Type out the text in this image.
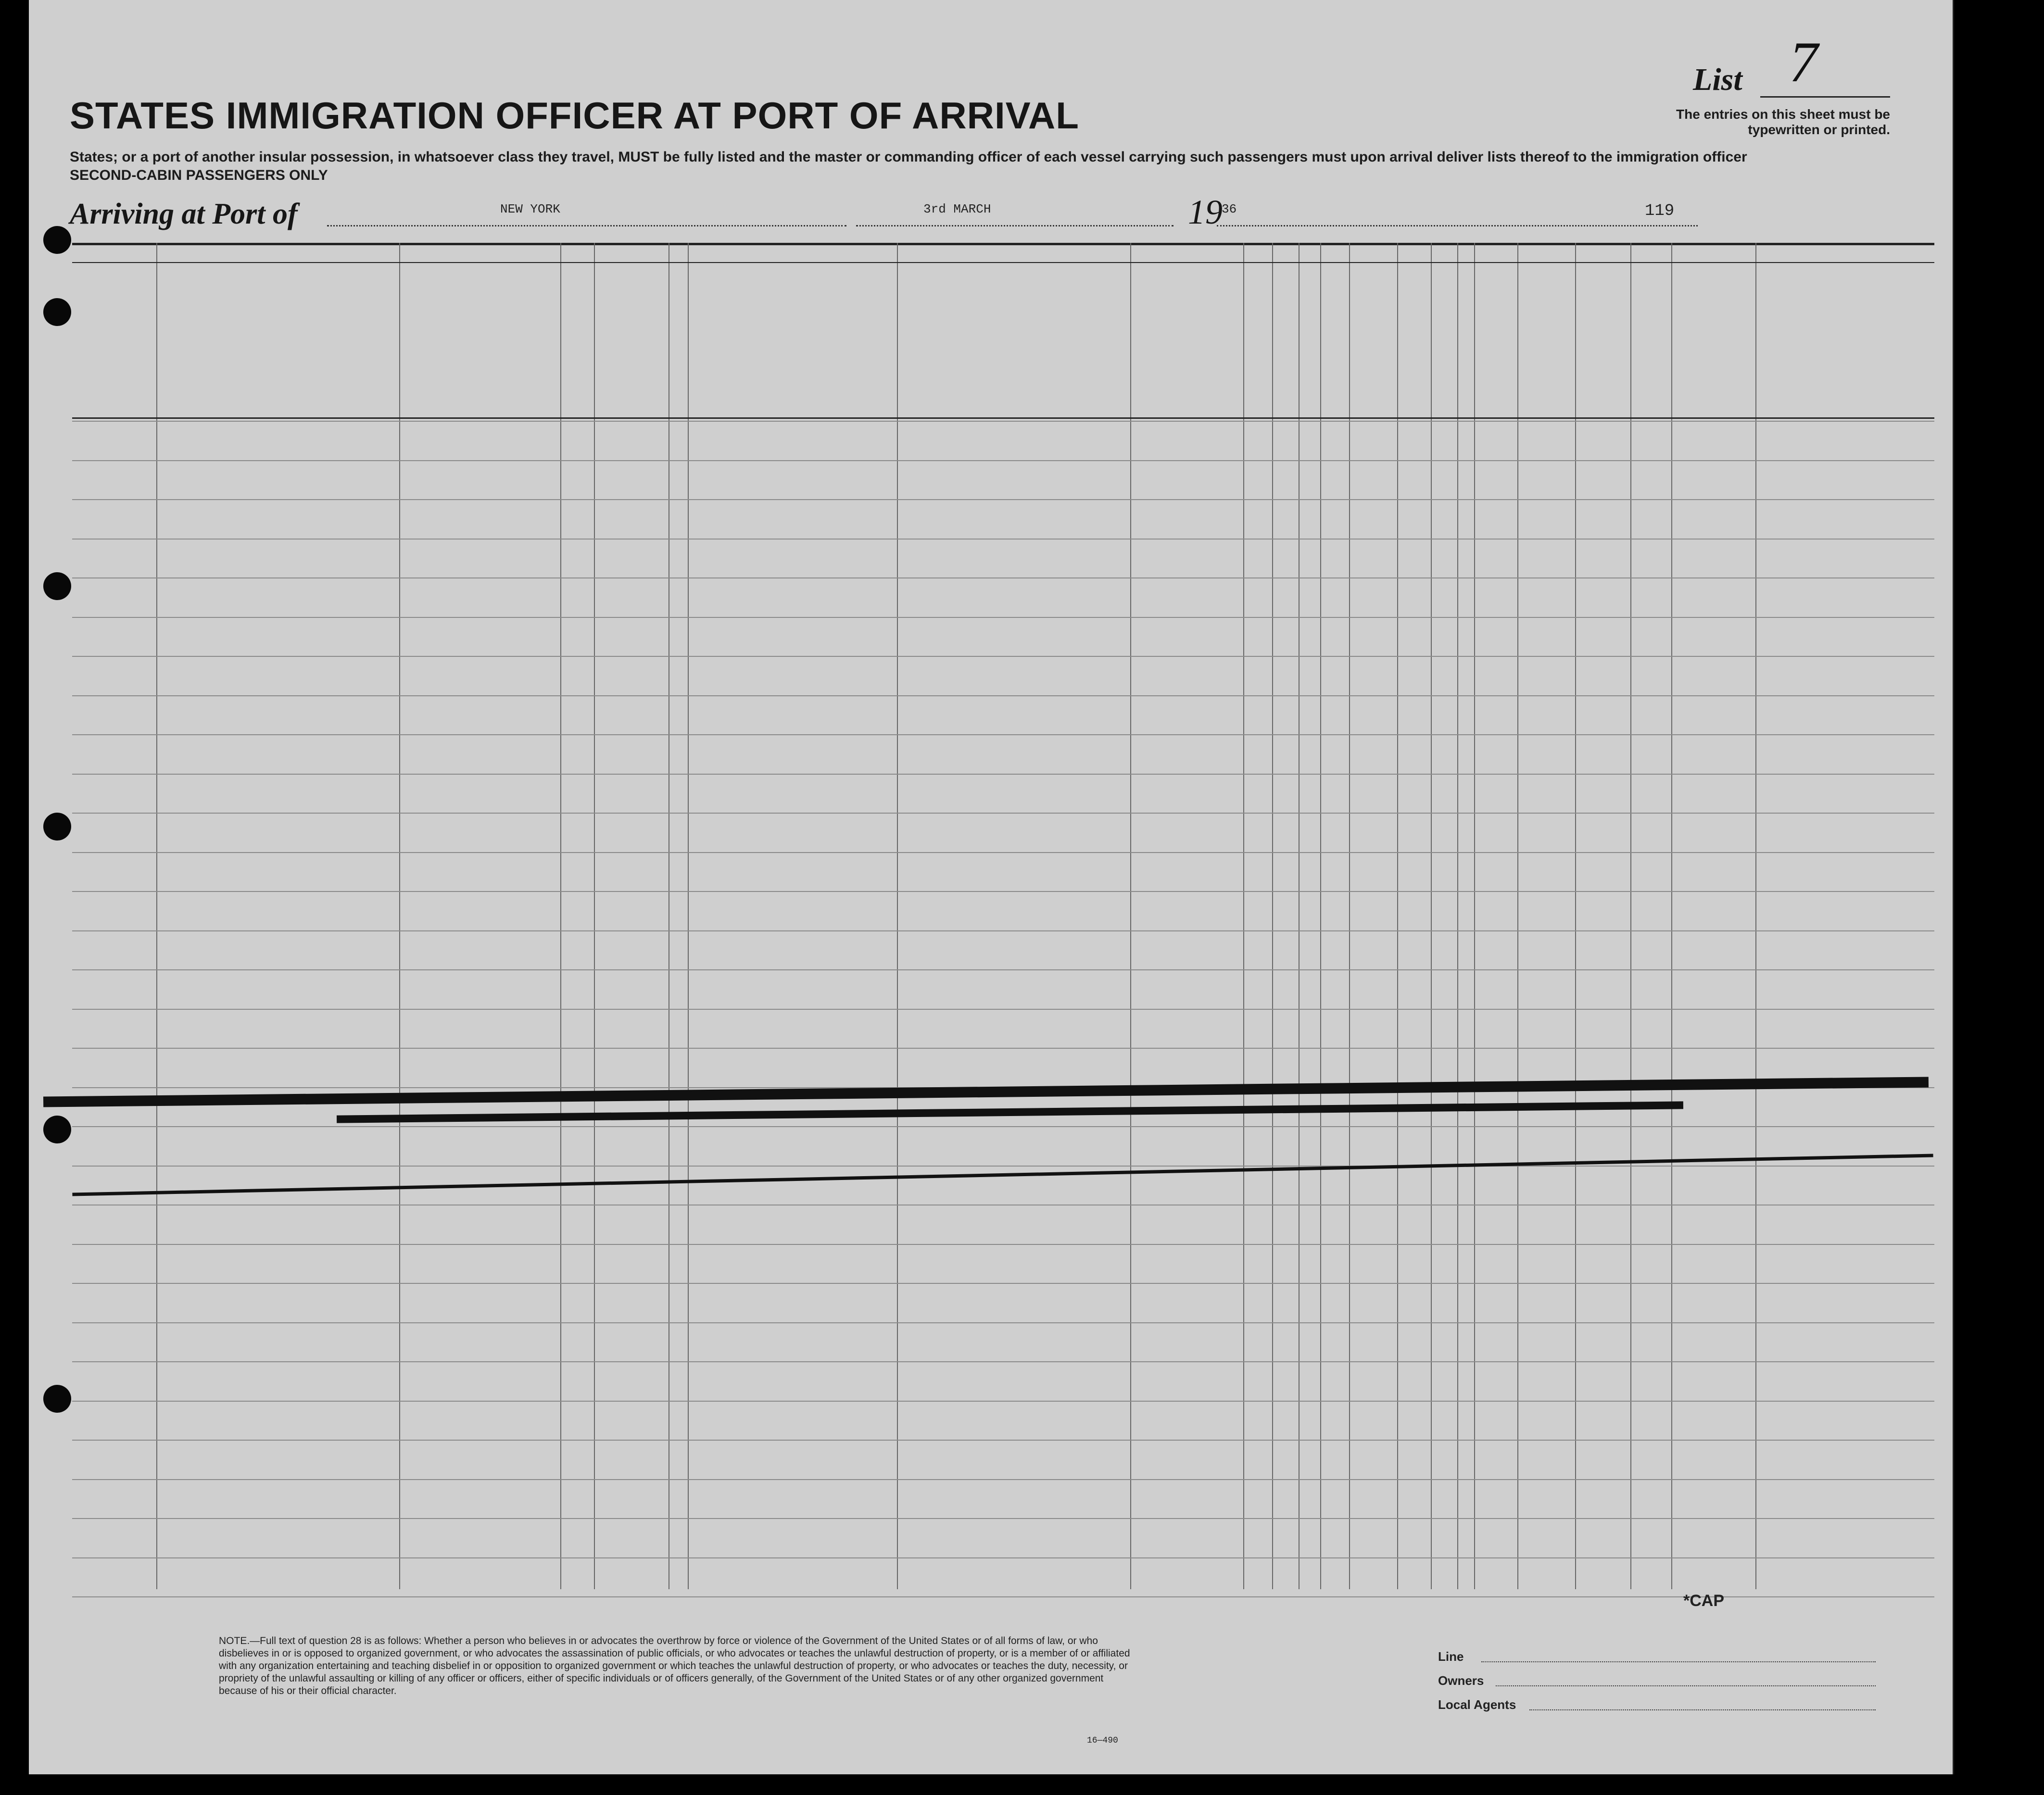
STATES IMMIGRATION OFFICER AT PORT OF ARRIVAL
States; or a port of another insular possession, in whatsoever class they travel, MUST be fully listed and the master or commanding officer of each vessel carrying such passengers must upon arrival deliver lists thereof to the immigration officer
SECOND-CABIN PASSENGERS ONLY
List 7
The entries on this sheet must be typewritten or printed.
Arriving at Port of	NEW YORK	3rd MARCH	19
36	119
NOTE.—Full text of question 28 is as follows: Whether a person who believes in or advocates the overthrow by force or violence of the Government of the United States or of all forms of law, or who disbelieves in or is opposed to organized government, or who advocates the assassination of public officials, or who advocates or teaches the unlawful destruction of property, or is a member of or affiliated with any organization entertaining and teaching disbelief in or opposition to organized government or which teaches the unlawful destruction of property, or who advocates or teaches the duty, necessity, or propriety of the unlawful assaulting or killing of any officer or officers, either of specific individuals or of officers generally, of the Government of the United States or of any other organized government because of his or their official character.
16—490
Line
Owners
Local Agents
*CAP
